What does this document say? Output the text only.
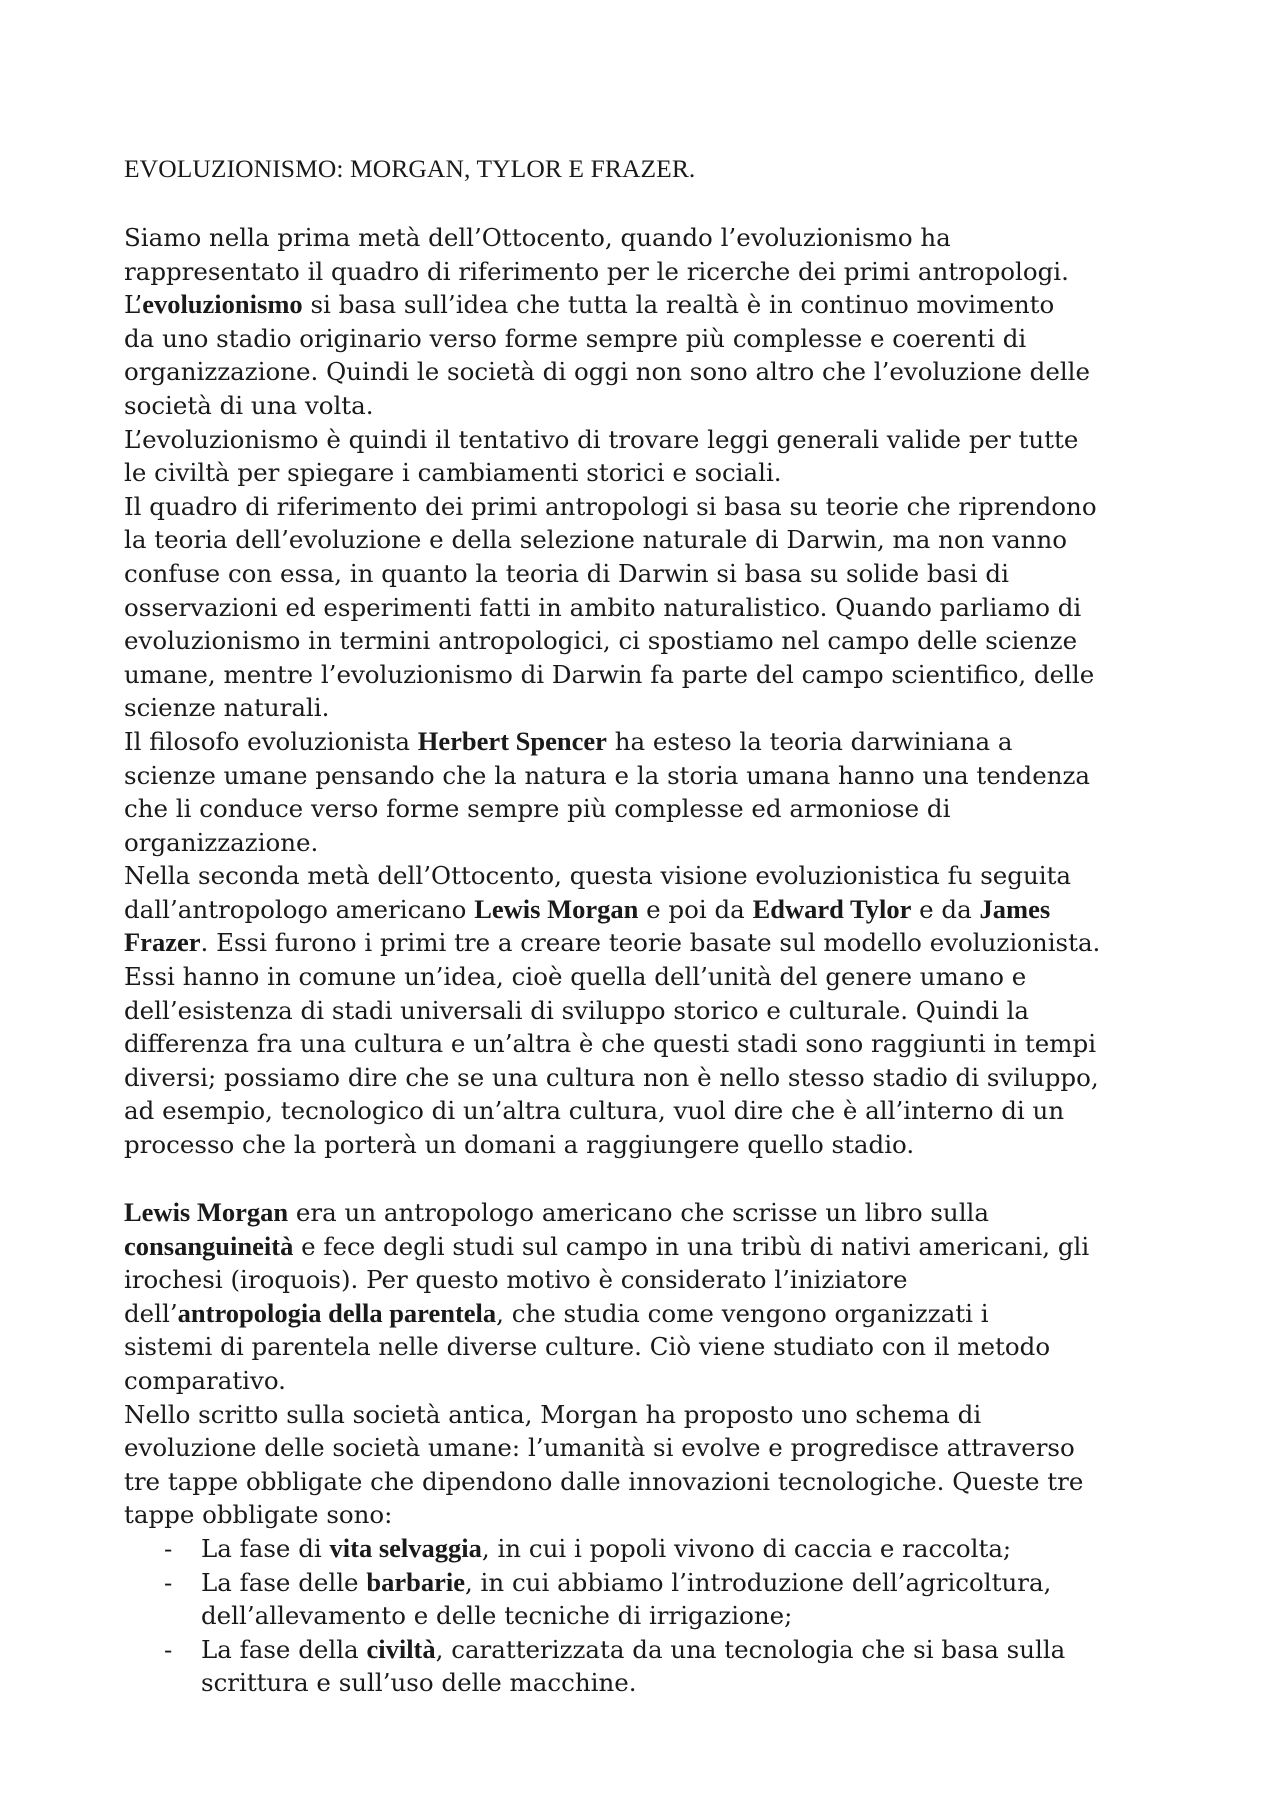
EVOLUZIONISMO: MORGAN, TYLOR E FRAZER.
Siamo nella prima metà dell’Ottocento, quando l’evoluzionismo ha
rappresentato il quadro di riferimento per le ricerche dei primi antropologi.
L’evoluzionismo si basa sull’idea che tutta la realtà è in continuo movimento
da uno stadio originario verso forme sempre più complesse e coerenti di
organizzazione. Quindi le società di oggi non sono altro che l’evoluzione delle
società di una volta.
L’evoluzionismo è quindi il tentativo di trovare leggi generali valide per tutte
le civiltà per spiegare i cambiamenti storici e sociali.
Il quadro di riferimento dei primi antropologi si basa su teorie che riprendono
la teoria dell’evoluzione e della selezione naturale di Darwin, ma non vanno
confuse con essa, in quanto la teoria di Darwin si basa su solide basi di
osservazioni ed esperimenti fatti in ambito naturalistico. Quando parliamo di
evoluzionismo in termini antropologici, ci spostiamo nel campo delle scienze
umane, mentre l’evoluzionismo di Darwin fa parte del campo scientifico, delle
scienze naturali.
Il filosofo evoluzionista Herbert Spencer ha esteso la teoria darwiniana a
scienze umane pensando che la natura e la storia umana hanno una tendenza
che li conduce verso forme sempre più complesse ed armoniose di
organizzazione.
Nella seconda metà dell’Ottocento, questa visione evoluzionistica fu seguita
dall’antropologo americano Lewis Morgan e poi da Edward Tylor e da James
Frazer. Essi furono i primi tre a creare teorie basate sul modello evoluzionista.
Essi hanno in comune un’idea, cioè quella dell’unità del genere umano e
dell’esistenza di stadi universali di sviluppo storico e culturale. Quindi la
differenza fra una cultura e un’altra è che questi stadi sono raggiunti in tempi
diversi; possiamo dire che se una cultura non è nello stesso stadio di sviluppo,
ad esempio, tecnologico di un’altra cultura, vuol dire che è all’interno di un
processo che la porterà un domani a raggiungere quello stadio.
Lewis Morgan era un antropologo americano che scrisse un libro sulla
consanguineità e fece degli studi sul campo in una tribù di nativi americani, gli
irochesi (iroquois). Per questo motivo è considerato l’iniziatore
dell’antropologia della parentela, che studia come vengono organizzati i
sistemi di parentela nelle diverse culture. Ciò viene studiato con il metodo
comparativo.
Nello scritto sulla società antica, Morgan ha proposto uno schema di
evoluzione delle società umane: l’umanità si evolve e progredisce attraverso
tre tappe obbligate che dipendono dalle innovazioni tecnologiche. Queste tre
tappe obbligate sono:
- La fase di vita selvaggia, in cui i popoli vivono di caccia e raccolta;
- La fase delle barbarie, in cui abbiamo l’introduzione dell’agricoltura,
dell’allevamento e delle tecniche di irrigazione;
- La fase della civiltà, caratterizzata da una tecnologia che si basa sulla
scrittura e sull’uso delle macchine.
